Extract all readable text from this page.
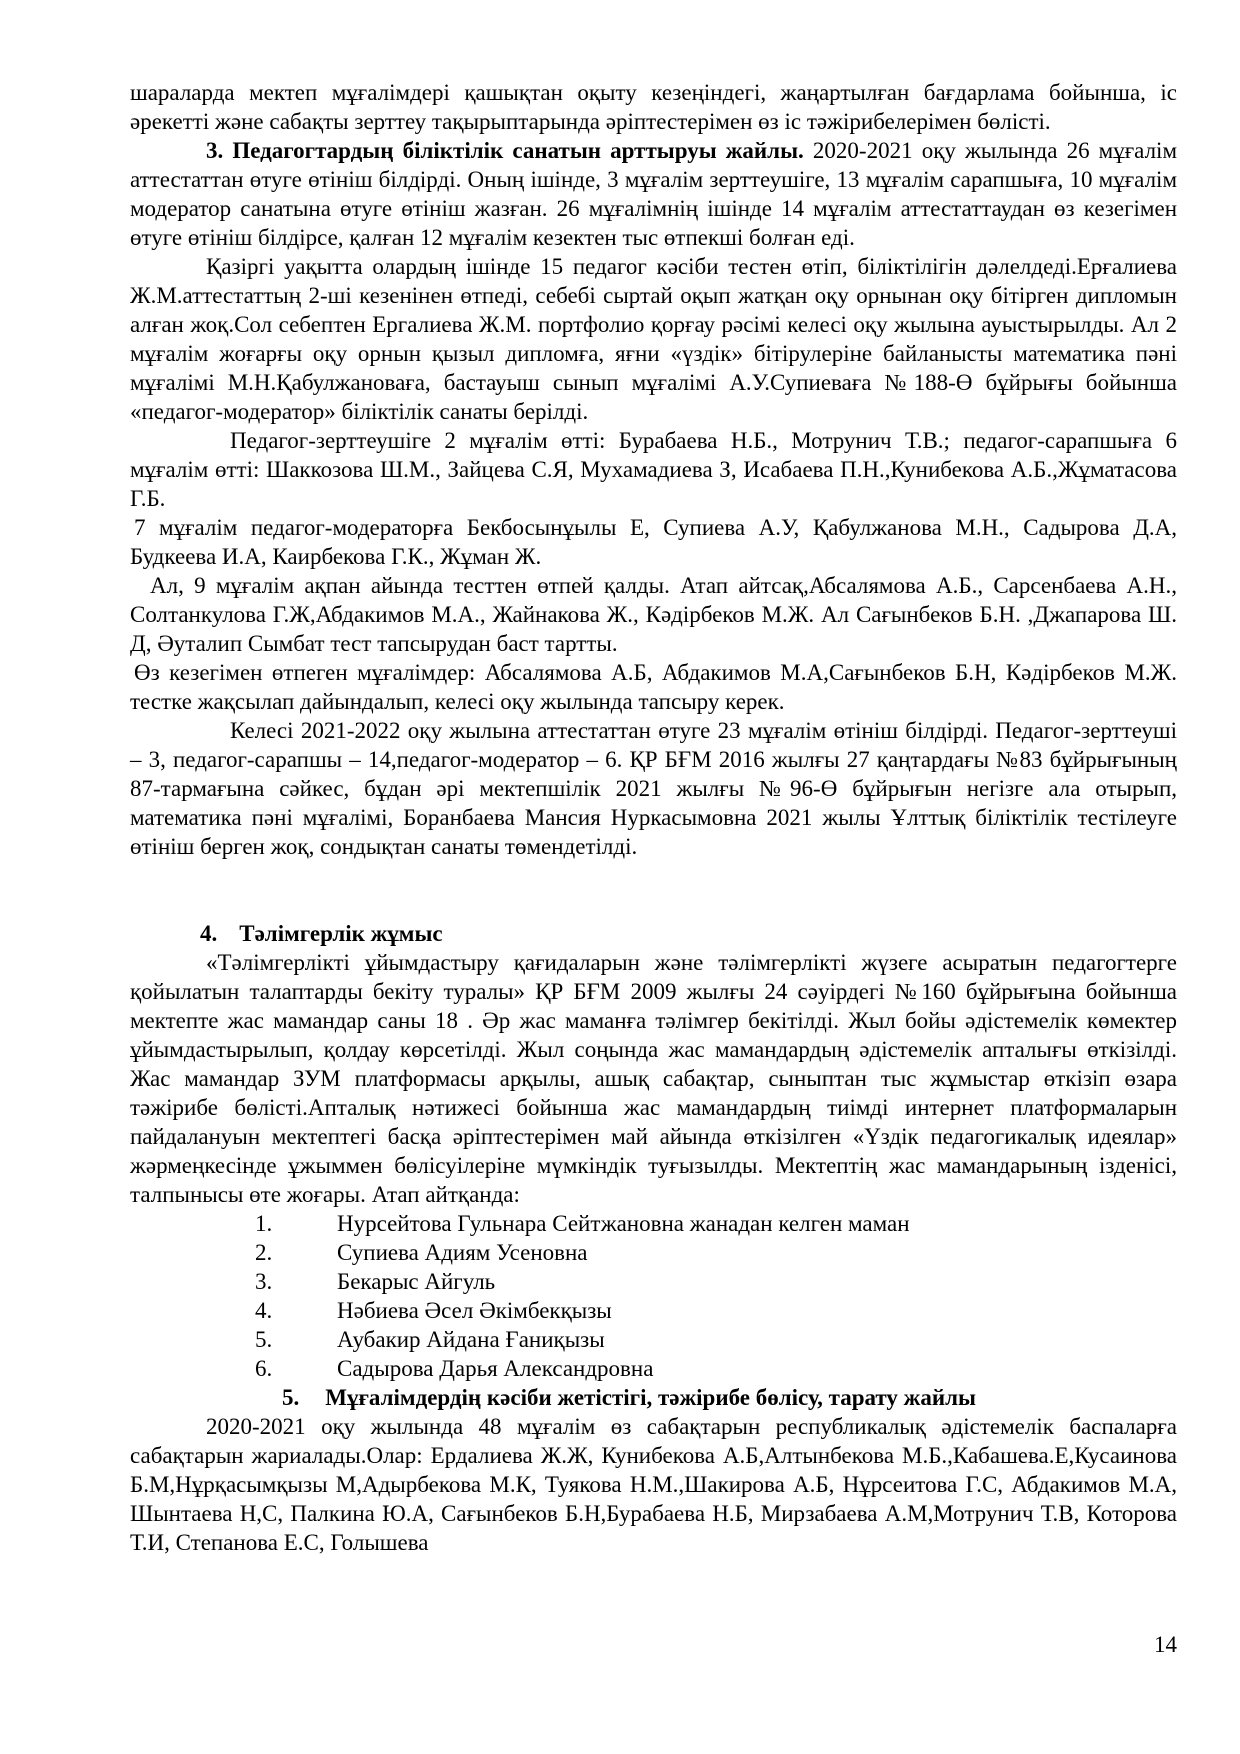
шараларда мектеп мұғалімдері қашықтан оқыту кезеңіндегі, жаңартылған бағдарлама бойынша, іс әрекетті және сабақты зерттеу тақырыптарында әріптестерімен өз іс тәжірибелерімен бөлісті.

3. Педагогтардың біліктілік санатын арттыруы жайлы. 2020-2021 оқу жылында 26 мұғалім аттестаттан өтуге өтініш білдірді. Оның ішінде, 3 мұғалім зерттеушіге, 13 мұғалім сарапшыға, 10 мұғалім модератор санатына өтуге өтініш жазған. 26 мұғалімнің ішінде 14 мұғалім аттестаттаудан өз кезегімен өтуге өтініш білдірсе, қалған 12 мұғалім кезектен тыс өтпекші болған еді.

Қазіргі уақытта олардың ішінде 15 педагог кәсіби тестен өтіп, біліктілігін дәлелдеді.Ерғалиева Ж.М.аттестаттың 2-ші кезенінен өтпеді, себебі сыртай оқып жатқан оқу орнынан оқу бітірген дипломын алған жоқ.Сол себептен Ергалиева Ж.М. портфолио қорғау рәсімі келесі оқу жылына ауыстырылды. Ал 2 мұғалім жоғарғы оқу орнын қызыл дипломға, яғни «үздік» бітірулеріне байланысты математика пәні мұғалімі М.Н.Қабулжановаға, бастауыш сынып мұғалімі А.У.Супиеваға №188-Ө бұйрығы бойынша «педагог-модератор» біліктілік санаты берілді.

Педагог-зерттеушіге 2 мұғалім өтті: Бурабаева Н.Б., Мотрунич Т.В.; педагог-сарапшыға 6 мұғалім өтті: Шаккозова Ш.М., Зайцева С.Я, Мухамадиева З, Исабаева П.Н.,Кунибекова А.Б.,Жұматасова Г.Б.

7 мұғалім педагог-модераторға Бекбосынұылы Е, Супиева А.У, Қабулжанова М.Н., Садырова Д.А, Будкеева И.А, Каирбекова Г.К., Жұман Ж.

Ал, 9 мұғалім ақпан айында тесттен өтпей қалды. Атап айтсақ,Абсалямова А.Б., Сарсенбаева А.Н., Солтанкулова Г.Ж,Абдакимов М.А., Жайнакова Ж., Кәдірбеков М.Ж. Ал Сағынбеков Б.Н. ,Джапарова Ш. Д, Әуталип Сымбат тест тапсырудан баст тартты.

Өз кезегімен өтпеген мұғалімдер: Абсалямова А.Б, Абдакимов М.А,Сағынбеков Б.Н, Кәдірбеков М.Ж. тестке жақсылап дайындалып, келесі оқу жылында тапсыру керек.

Келесі 2021-2022 оқу жылына аттестаттан өтуге 23 мұғалім өтініш білдірді. Педагог-зерттеуші – 3, педагог-сарапшы – 14,педагог-модератор – 6. ҚР БҒМ 2016 жылғы 27 қаңтардағы №83 бұйрығының 87-тармағына сәйкес, бұдан әрі мектепшілік 2021 жылғы №96-Ө бұйрығын негізге ала отырып, математика пәні мұғалімі, Боранбаева Мансия Нуркасымовна 2021 жылы Ұлттық біліктілік тестілеуге өтініш берген жоқ, сондықтан санаты төмендетілді.

4. Тәлімгерлік жұмыс

«Тәлімгерлікті ұйымдастыру қағидаларын және тәлімгерлікті жүзеге асыратын педагогтерге қойылатын талаптарды бекіту туралы» ҚР БҒМ 2009 жылғы 24 сәуірдегі №160 бұйрығына бойынша мектепте жас мамандар саны 18 . Әр жас маманға тәлімгер бекітілді. Жыл бойы әдістемелік көмектер ұйымдастырылып, қолдау көрсетілді. Жыл соңында жас мамандардың әдістемелік апталығы өткізілді. Жас мамандар ЗУМ платформасы арқылы, ашық сабақтар, сыныптан тыс жұмыстар өткізіп өзара тәжірибе бөлісті.Апталық нәтижесі бойынша жас мамандардың тиімді интернет платформаларын пайдалануын мектептегі басқа әріптестерімен май айында өткізілген «Үздік педагогикалық идеялар» жәрмеңкесінде ұжыммен бөлісуілеріне мүмкіндік туғызылды. Мектептің жас мамандарының ізденісі, талпынысы өте жоғары. Атап айтқанда:

1.	Нурсейтова Гульнара Сейтжановна жанадан келген маман
2.	Супиева Адиям Усеновна
3.	Бекарыс Айгуль
4.	Нәбиева Әсел Әкімбекқызы
5.	Аубакир Айдана Ғаниқызы
6.	Садырова Дарья Александровна
5. Мұғалімдердің кәсіби жетістігі, тәжірибе бөлісу, тарату жайлы

2020-2021 оқу жылында 48 мұғалім өз сабақтарын республикалық әдістемелік баспаларға сабақтарын жариалады.Олар: Ердалиева Ж.Ж, Кунибекова А.Б,Алтынбекова М.Б.,Кабашева.Е,Кусаинова Б.М,Нұрқасымқызы М,Адырбекова М.К, Туякова Н.М.,Шакирова А.Б, Нұрсеитова Г.С, Абдакимов М.А, Шынтаева Н,С, Палкина Ю.А, Сағынбеков Б.Н,Бурабаева Н.Б, Мирзабаева А.М,Мотрунич Т.В, Которова Т.И, Степанова Е.С, Голышева

14
